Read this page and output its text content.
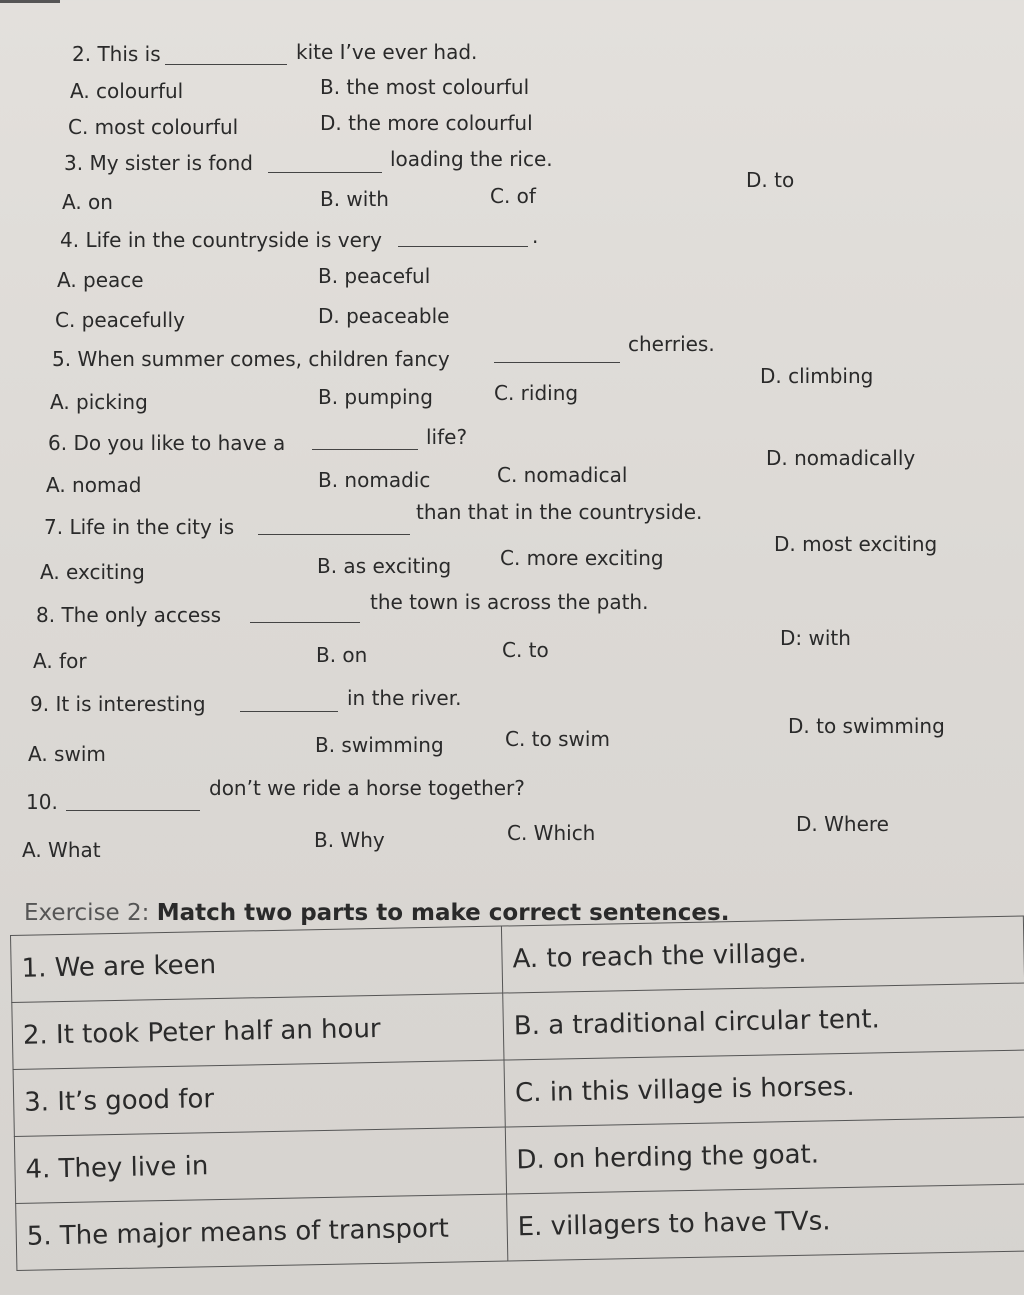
2. This is	kite I’ve ever had.
A. colourful	B. the most colourful
C. most colourful	D. the more colourful
3. My sister is fond	loading the rice.
A. on	B. with	C. of
D. to
4. Life in the countryside is very	.
A. peace	B. peaceful
C. peacefully	D. peaceable
5. When summer comes, children fancy
cherries.
A. picking	B. pumping	C. riding
D. climbing
6. Do you like to have a	life?
A. nomad	B. nomadic	C. nomadical
D. nomadically
7. Life in the city is
than that in the countryside.
A. exciting	B. as exciting C. more exciting
D. most exciting
8. The only access
the town is across the path.
A. for	B. on	C. to	D: with
9. It is interesting	in the river.
A. swim	B. swimming	C. to swim
D. to swimming
10.
don’t we ride a horse together?
A. What	B. Why	C. Which	D. Where
Exercise 2: Match two parts to make correct sentences.
1. We are keen	A. to reach the village.
2. It took Peter half an hour	B. a traditional circular tent.
3. It’s good for	C. in this village is horses.
4. They live in	D. on herding the goat.
5. The major means of transport	E. villagers to have TVs.
